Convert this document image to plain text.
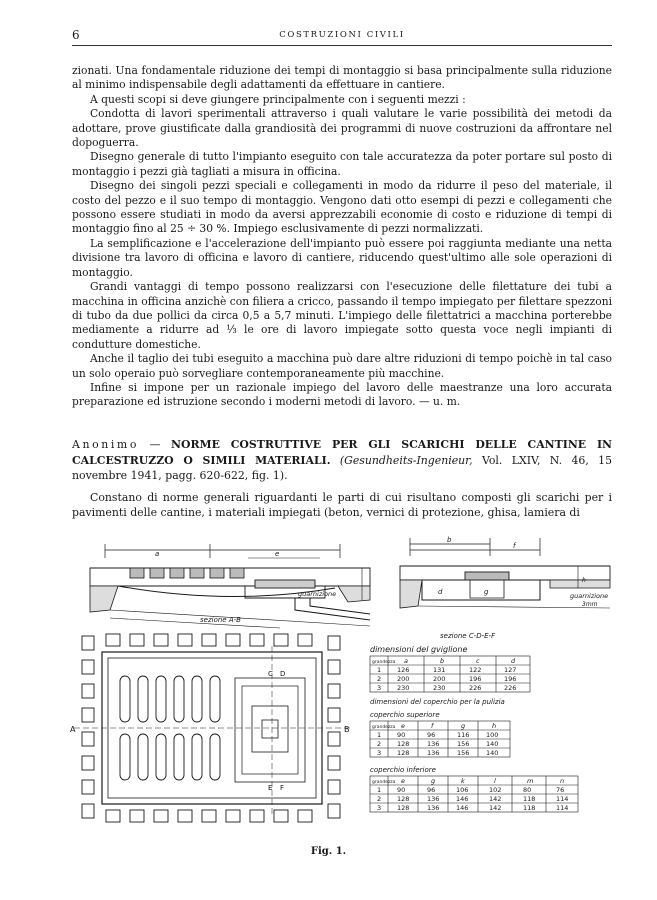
6	COSTRUZIONI CIVILI

zionati. Una fondamentale riduzione dei tempi di montaggio si basa principalmente sulla riduzione al minimo indispensabile degli adattamenti da effettuare in cantiere.

A questi scopi si deve giungere principalmente con i seguenti mezzi :

Condotta di lavori sperimentali attraverso i quali valutare le varie possibilità dei metodi da adottare, prove giustificate dalla grandiosità dei programmi di nuove costruzioni da affrontare nel dopoguerra.

Disegno generale di tutto l'impianto eseguito con tale accuratezza da poter portare sul posto di montaggio i pezzi già tagliati a misura in officina.

Disegno dei singoli pezzi speciali e collegamenti in modo da ridurre il peso del materiale, il costo del pezzo e il suo tempo di montaggio. Vengono dati otto esempi di pezzi e collegamenti che possono essere studiati in modo da aversi apprezzabili economie di costo e riduzione di tempi di montaggio fino al 25 ÷ 30 %. Impiego esclusivamente di pezzi normalizzati.

La semplificazione e l'accelerazione dell'impianto può essere poi raggiunta mediante una netta divisione tra lavoro di officina e lavoro di cantiere, riducendo quest'ultimo alle sole operazioni di montaggio.

Grandi vantaggi di tempo possono realizzarsi con l'esecuzione delle filettature dei tubi a macchina in officina anzichè con filiera a cricco, passando il tempo impiegato per filettare spezzoni di tubo da due pollici da circa 0,5 a 5,7 minuti. L'impiego delle filettatrici a macchina porterebbe mediamente a ridurre ad ⅓ le ore di lavoro impiegate sotto questa voce negli impianti di condutture domestiche.

Anche il taglio dei tubi eseguito a macchina può dare altre riduzioni di tempo poichè in tal caso un solo operaio può sorvegliare contemporaneamente più macchine.

Infine si impone per un razionale impiego del lavoro delle maestranze una loro accurata preparazione ed istruzione secondo i moderni metodi di lavoro. — u. m.

Anonimo — NORME COSTRUTTIVE PER GLI SCARICHI DELLE CANTINE IN CALCESTRUZZO O SIMILI MATERIALI. (Gesundheits-Ingenieur, Vol. LXIV, N. 46, 15 novembre 1941, pagg. 620-622, fig. 1).

Constano di norme generali riguardanti le parti di cui risultano composti gli scarichi per i pavimenti delle cantine, i materiali impiegati (beton, vernici di protezione, ghisa, lamiera di

a	e
guarnizione
sezione A-B
b
f
d	g
h
guarnizione
3mm
sezione C-D-E-F
A	B
C D
E F
dimensioni del gviglione
grandezza a	b	c	d
1 126	131	122	127
2 200	200	196	196
3 230	230	226	226
dimensioni del coperchio per la pulizia
coperchio superiore
grandezza e	f	g	h
1 90	96	116	100
2 128	136	156	140
3 128	136	156	140
coperchio inferiore
grandezza e	g	k	l	m	n
1 90	96	106	102	80	76
2 128	136	146	142	118	114
3 128	136	146	142	118	114
Fig. 1.
